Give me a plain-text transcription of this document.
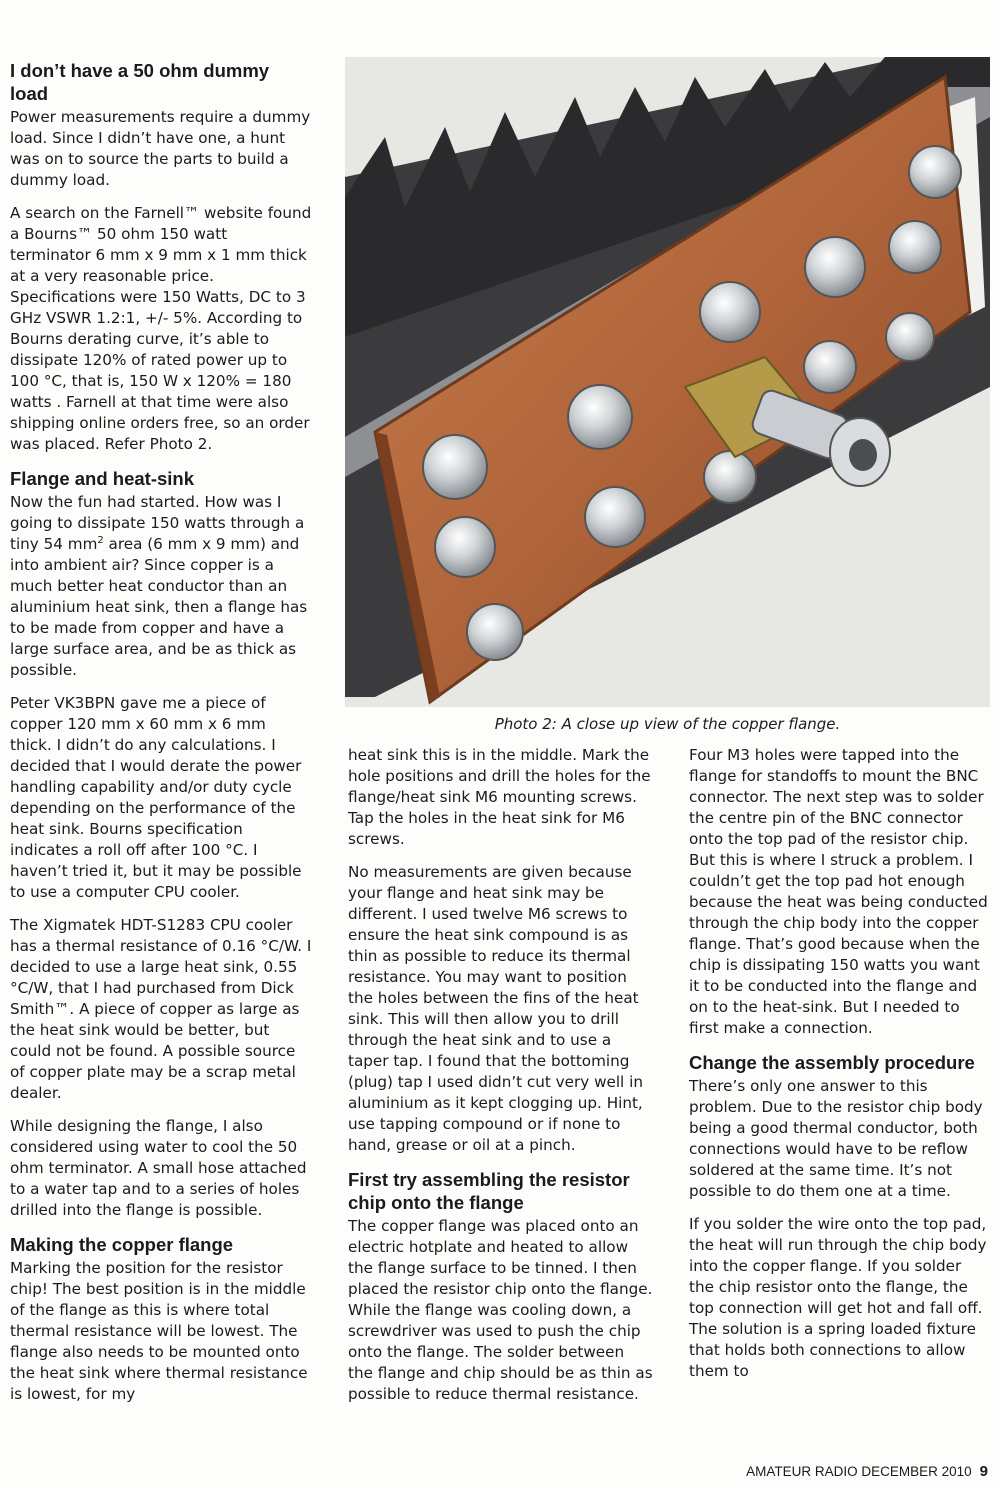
I don’t have a 50 ohm dummy load

Power measurements require a dummy load. Since I didn’t have one, a hunt was on to source the parts to build a dummy load.

A search on the Farnell™ website found a Bourns™ 50 ohm 150 watt terminator 6 mm x 9 mm x 1 mm thick at a very reasonable price. Specifications were 150 Watts, DC to 3 GHz VSWR 1.2:1, +/- 5%. According to Bourns derating curve, it’s able to dissipate 120% of rated power up to 100 °C, that is, 150 W x 120% = 180 watts . Farnell at that time were also shipping online orders free, so an order was placed. Refer Photo 2.

Flange and heat-sink

Now the fun had started. How was I going to dissipate 150 watts through a tiny 54 $mm^2$ area (6 mm x 9 mm) and into ambient air? Since copper is a much better heat conductor than an aluminium heat sink, then a flange has to be made from copper and have a large surface area, and be as thick as possible.

Peter VK3BPN gave me a piece of copper 120 mm x 60 mm x 6 mm thick. I didn’t do any calculations. I decided that I would derate the power handling capability and/or duty cycle depending on the performance of the heat sink. Bourns specification indicates a roll off after 100 °C. I haven’t tried it, but it may be possible to use a computer CPU cooler.

The Xigmatek HDT-S1283 CPU cooler has a thermal resistance of 0.16 °C/W. I decided to use a large heat sink, 0.55 °C/W, that I had purchased from Dick Smith™. A piece of copper as large as the heat sink would be better, but could not be found. A possible source of copper plate may be a scrap metal dealer.

While designing the flange, I also considered using water to cool the 50 ohm terminator. A small hose attached to a water tap and to a series of holes drilled into the flange is possible.

Making the copper flange

Marking the position for the resistor chip! The best position is in the middle of the flange as this is where total thermal resistance will be lowest. The flange also needs to be mounted onto the heat sink where thermal resistance is lowest, for my

Photo 2: A close up view of the copper flange.

heat sink this is in the middle. Mark the hole positions and drill the holes for the flange/heat sink M6 mounting screws. Tap the holes in the heat sink for M6 screws.

No measurements are given because your flange and heat sink may be different. I used twelve M6 screws to ensure the heat sink compound is as thin as possible to reduce its thermal resistance. You may want to position the holes between the fins of the heat sink. This will then allow you to drill through the heat sink and to use a taper tap. I found that the bottoming (plug) tap I used didn’t cut very well in aluminium as it kept clogging up. Hint, use tapping compound or if none to hand, grease or oil at a pinch.

First try assembling the resistor chip onto the flange

The copper flange was placed onto an electric hotplate and heated to allow the flange surface to be tinned. I then placed the resistor chip onto the flange. While the flange was cooling down, a screwdriver was used to push the chip onto the flange. The solder between the flange and chip should be as thin as possible to reduce thermal resistance.

Four M3 holes were tapped into the flange for standoffs to mount the BNC connector. The next step was to solder the centre pin of the BNC connector onto the top pad of the resistor chip. But this is where I struck a problem. I couldn’t get the top pad hot enough because the heat was being conducted through the chip body into the copper flange. That’s good because when the chip is dissipating 150 watts you want it to be conducted into the flange and on to the heat-sink. But I needed to first make a connection.

Change the assembly procedure

There’s only one answer to this problem. Due to the resistor chip body being a good thermal conductor, both connections would have to be reflow soldered at the same time. It’s not possible to do them one at a time.

If you solder the wire onto the top pad, the heat will run through the chip body into the copper flange. If you solder the chip resistor onto the flange, the top connection will get hot and fall off. The solution is a spring loaded fixture that holds both connections to allow them to

AMATEUR RADIO DECEMBER 2010 9
